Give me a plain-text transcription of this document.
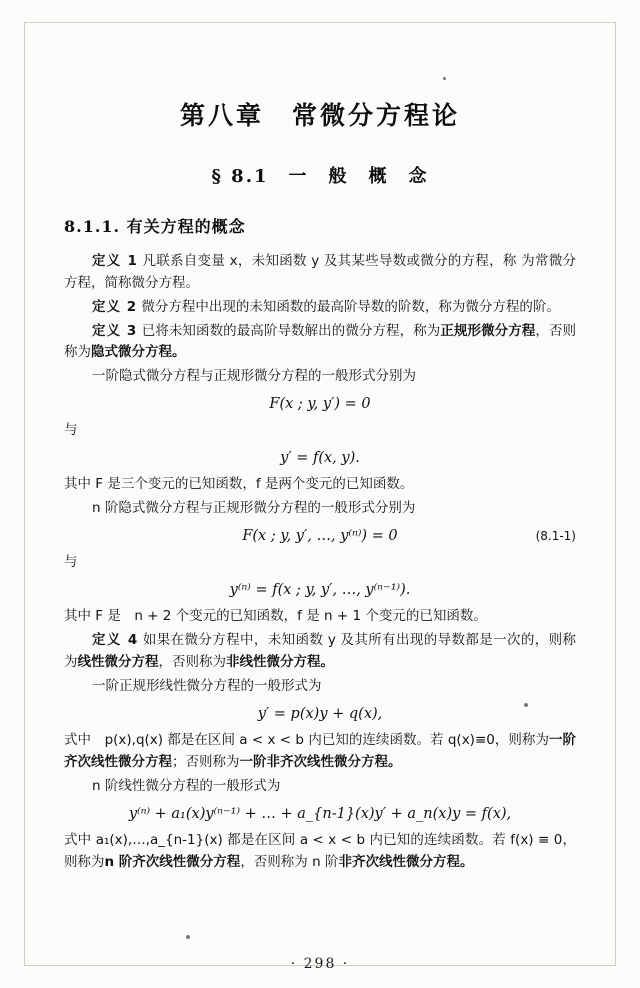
第八章　常微分方程论
§ 8.1　一　般　概　念
8.1.1. 有关方程的概念

定义 1 凡联系自变量 x，未知函数 y 及其某些导数或微分的方程，称 为常微分方程，简称微分方程。

定义 2 微分方程中出现的未知函数的最高阶导数的阶数，称为微分方程的阶。

定义 3 已将未知函数的最高阶导数解出的微分方程，称为正规形微分方程，否则称为隐式微分方程。

一阶隐式微分方程与正规形微分方程的一般形式分别为

F(x ; y, y′) = 0

与

y′ = f(x, y).

其中 F 是三个变元的已知函数，f 是两个变元的已知函数。

n 阶隐式微分方程与正规形微分方程的一般形式分别为

F(x ; y, y′, …, y⁽ⁿ⁾) = 0	(8.1-1)

与

y⁽ⁿ⁾ = f(x ; y, y′, …, y⁽ⁿ⁻¹⁾).

其中 F 是　n + 2 个变元的已知函数，f 是 n + 1 个变元的已知函数。

定义 4 如果在微分方程中，未知函数 y 及其所有出现的导数都是一次的，则称为线性微分方程，否则称为非线性微分方程。

一阶正规形线性微分方程的一般形式为

y′ = p(x)y + q(x),

式中　p(x),q(x) 都是在区间 a < x < b 内已知的连续函数。若 q(x)≡0，则称为一阶齐次线性微分方程；否则称为一阶非齐次线性微分方程。

n 阶线性微分方程的一般形式为

y⁽ⁿ⁾ + a₁(x)y⁽ⁿ⁻¹⁾ + … + a_{n-1}(x)y′ + a_n(x)y = f(x),

式中 a₁(x),…,a_{n-1}(x) 都是在区间 a < x < b 内已知的连续函数。若 f(x) ≡ 0，则称为n 阶齐次线性微分方程，否则称为 n 阶非齐次线性微分方程。

· 298 ·
